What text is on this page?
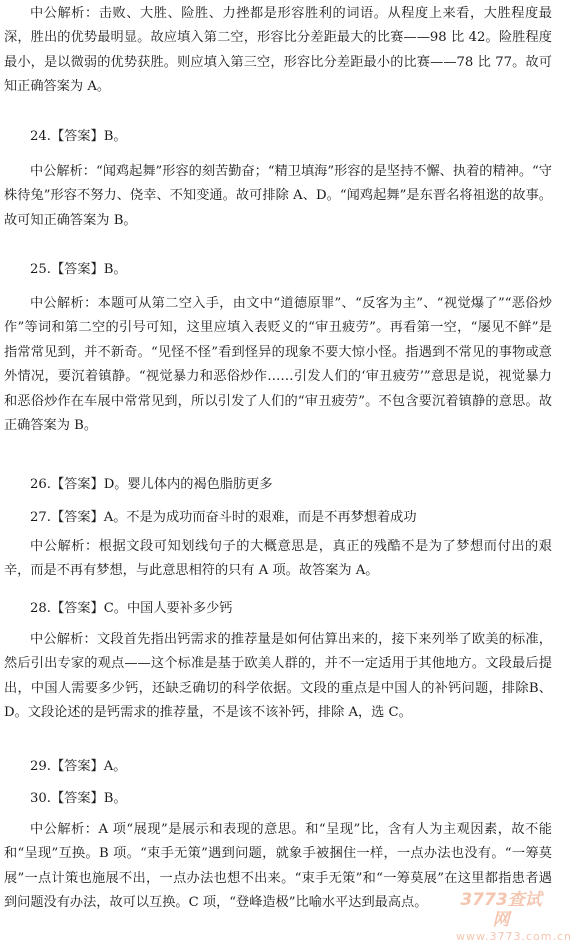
中公解析：击败、大胜、险胜、力挫都是形容胜利的词语。从程度上来看，大胜程度最深，胜出的优势最明显。故应填入第二空，形容比分差距最大的比赛——98 比 42。险胜程度最小，是以微弱的优势获胜。则应填入第三空，形容比分差距最小的比赛——78 比 77。故可知正确答案为 A。
24.【答案】B。
中公解析：“闻鸡起舞”形容的刻苦勤奋；“精卫填海”形容的是坚持不懈、执着的精神。“守株待兔”形容不努力、侥幸、不知变通。故可排除 A、D。“闻鸡起舞”是东晋名将祖逖的故事。故可知正确答案为 B。
25.【答案】B。
中公解析：本题可从第二空入手，由文中“道德原罪”、“反客为主”、“视觉爆了”“恶俗炒作”等词和第二空的引号可知，这里应填入表贬义的“审丑疲劳”。再看第一空，“屡见不鲜”是指常常见到，并不新奇。“见怪不怪”看到怪异的现象不要大惊小怪。指遇到不常见的事物或意外情况，要沉着镇静。“视觉暴力和恶俗炒作……引发人们的‘审丑疲劳’”意思是说，视觉暴力和恶俗炒作在车展中常常见到，所以引发了人们的“审丑疲劳”。不包含要沉着镇静的意思。故正确答案为 B。
26.【答案】D。婴儿体内的褐色脂肪更多
27.【答案】A。不是为成功而奋斗时的艰难，而是不再梦想着成功
中公解析：根据文段可知划线句子的大概意思是，真正的残酷不是为了梦想而付出的艰辛，而是不再有梦想，与此意思相符的只有 A 项。故答案为 A。
28.【答案】C。中国人要补多少钙
中公解析：文段首先指出钙需求的推荐量是如何估算出来的，接下来列举了欧美的标准，然后引出专家的观点——这个标准是基于欧美人群的，并不一定适用于其他地方。文段最后提出，中国人需要多少钙，还缺乏确切的科学依据。文段的重点是中国人的补钙问题，排除B、D。文段论述的是钙需求的推荐量，不是该不该补钙，排除 A，选 C。
29.【答案】A。
30.【答案】B。
中公解析：A 项“展现”是展示和表现的意思。和“呈现”比，含有人为主观因素，故不能和“呈现”互换。B 项。“束手无策”遇到问题，就象手被捆住一样，一点办法也没有。“一筹莫展”一点计策也施展不出，一点办法也想不出来。“束手无策”和“一筹莫展”在这里都指患者遇到问题没有办法，故可以互换。C 项，“登峰造极”比喻水平达到最高点。	3773查试网
www.3773.com.cn
